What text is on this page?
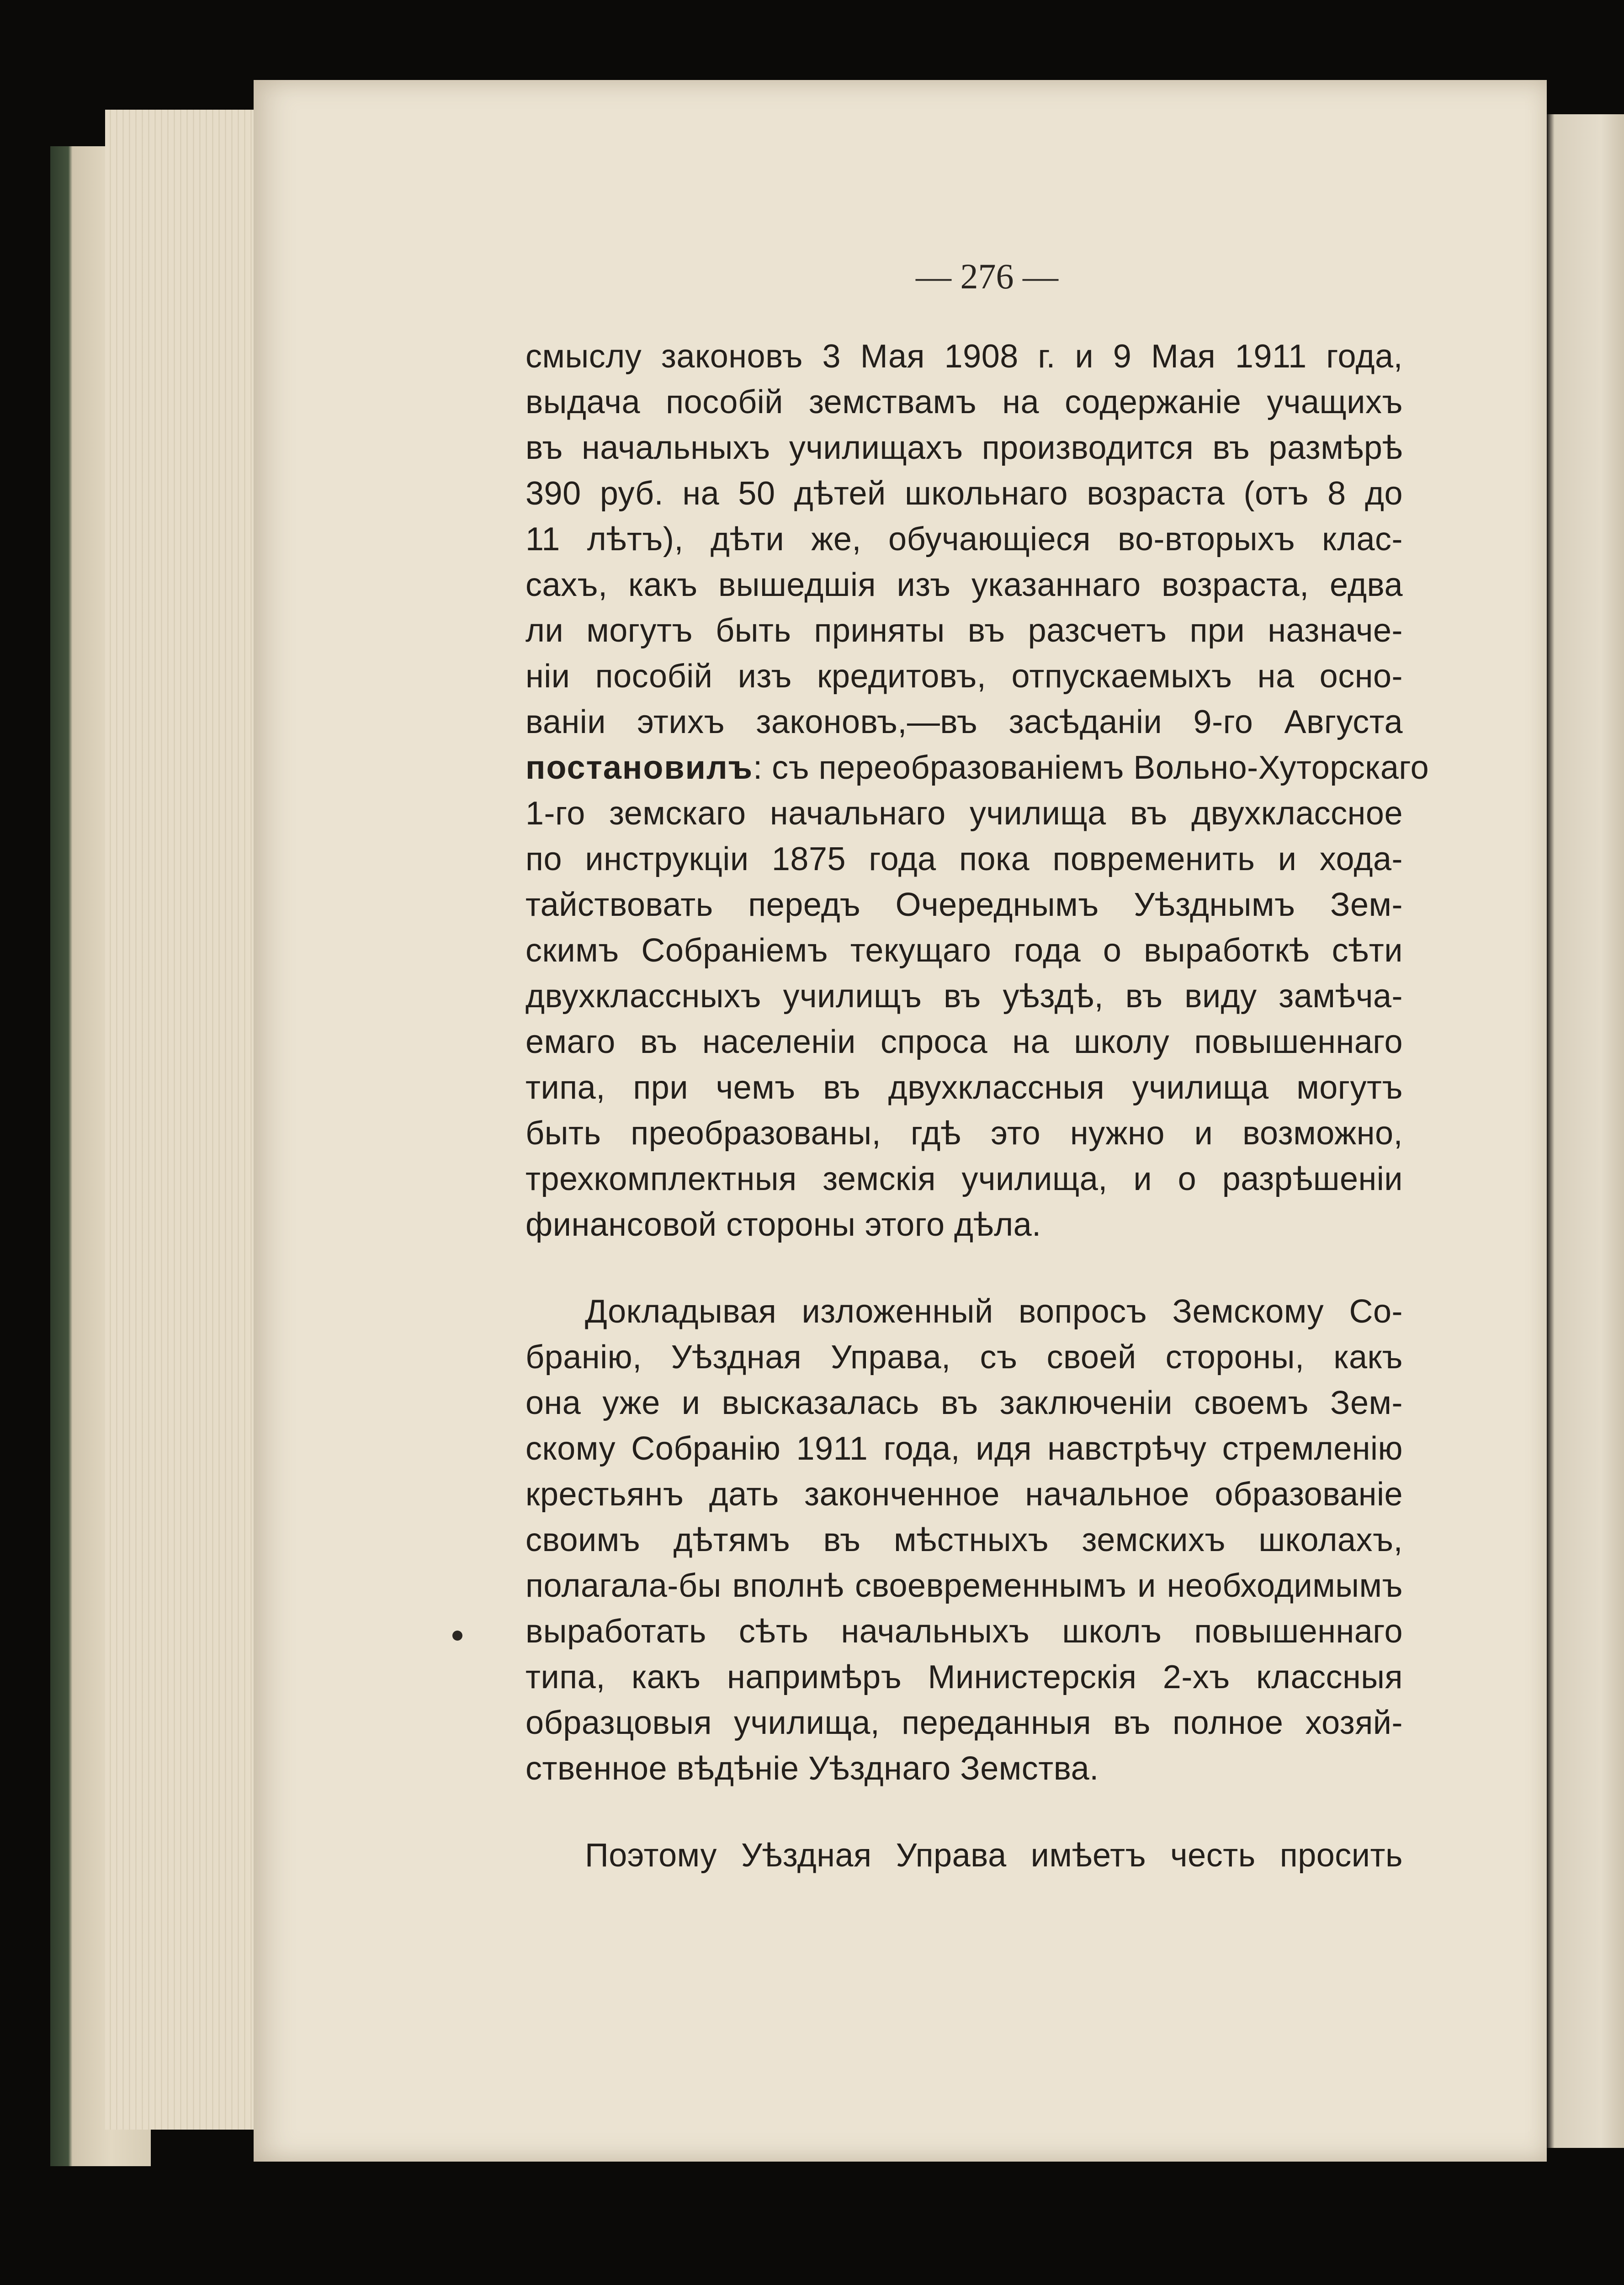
— 276 —

смыслу законовъ 3 Мая 1908 г. и 9 Мая 1911 года,
выдача пособій земствамъ на содержаніе учащихъ
въ начальныхъ училищахъ производится въ размѣрѣ
390 руб. на 50 дѣтей школьнаго возраста (отъ 8 до
11 лѣтъ), дѣти же, обучающіеся во-вторыхъ клас-
сахъ, какъ вышедшія изъ указаннаго возраста, едва
ли могутъ быть приняты въ разсчетъ при назначе-
ніи пособій изъ кредитовъ, отпускаемыхъ на осно-
ваніи этихъ законовъ,—въ засѣданіи 9-го Августа
постановилъ: съ переобразованіемъ Вольно-Хуторскаго
1-го земскаго начальнаго училища въ двухклассное
по инструкціи 1875 года пока повременить и хода-
тайствовать передъ Очереднымъ Уѣзднымъ Зем-
скимъ Собраніемъ текущаго года о выработкѣ сѣти
двухклассныхъ училищъ въ уѣздѣ, въ виду замѣча-
емаго въ населеніи спроса на школу повышеннаго
типа, при чемъ въ двухклассныя училища могутъ
быть преобразованы, гдѣ это нужно и возможно,
трехкомплектныя земскія училища, и о разрѣшеніи
финансовой стороны этого дѣла.

Докладывая изложенный вопросъ Земскому Со-
бранію, Уѣздная Управа, съ своей стороны, какъ
она уже и высказалась въ заключеніи своемъ Зем-
скому Собранію 1911 года, идя навстрѣчу стремленію
крестьянъ дать законченное начальное образованіе
своимъ дѣтямъ въ мѣстныхъ земскихъ школахъ,
полагала-бы вполнѣ своевременнымъ и необходимымъ
выработать сѣть начальныхъ школъ повышеннаго
типа, какъ напримѣръ Министерскія 2-хъ классныя
образцовыя училища, переданныя въ полное хозяй-
ственное вѣдѣніе Уѣзднаго Земства.

Поэтому Уѣздная Управа имѣетъ честь просить
